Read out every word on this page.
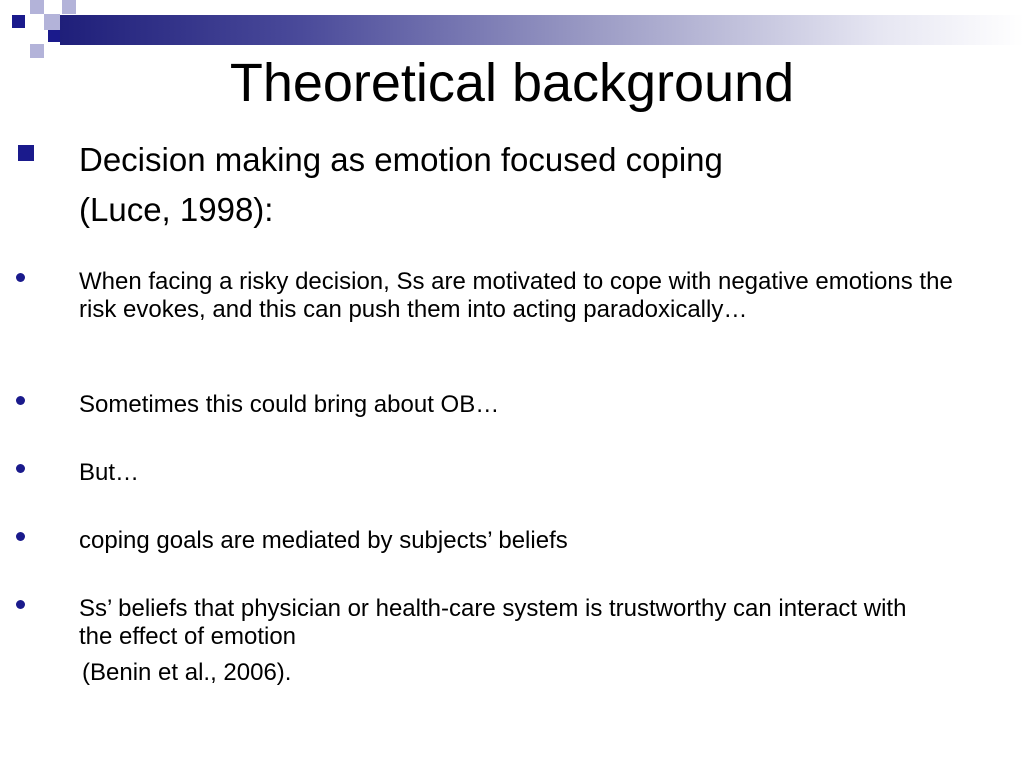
Theoretical background
Decision making as emotion focused coping
(Luce, 1998):
When facing a risky decision, Ss are motivated to cope with negative emotions the risk evokes, and this can push them into acting paradoxically…
Sometimes this could bring about OB…
But…
coping goals are mediated by subjects’ beliefs
Ss’ beliefs that physician or health-care system is trustworthy can interact with the effect of emotion
(Benin et al., 2006).
